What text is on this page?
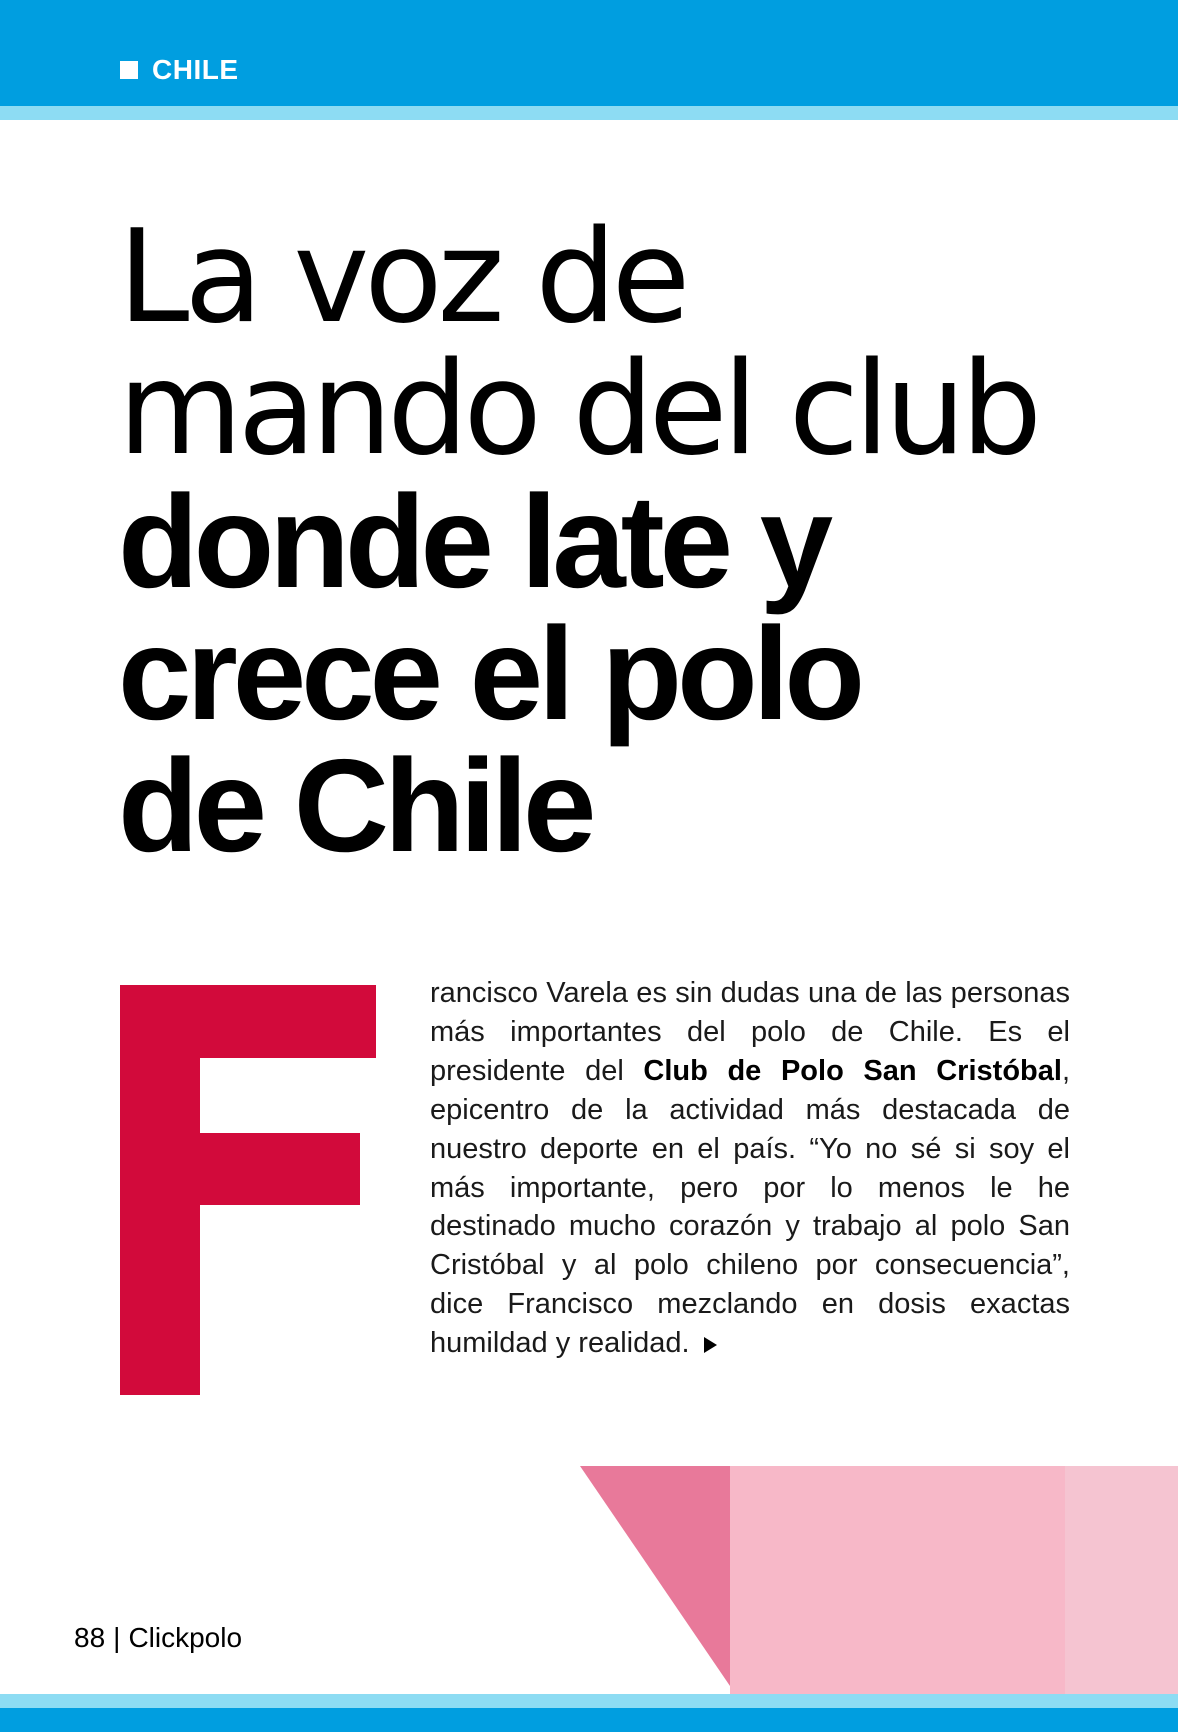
CHILE
La voz de
mando del club
donde late y
crece el polo
de Chile

rancisco Varela es sin dudas una de las personas más importantes del polo de Chile. Es el presidente del Club de Polo San Cristóbal, epicentro de la actividad más destacada de nuestro deporte en el país. “Yo no sé si soy el más importante, pero por lo menos le he destinado mucho corazón y trabajo al polo San Cristóbal y al polo chileno por consecuencia”, dice Francisco mezclando en dosis exactas humildad y realidad.

88 | Clickpolo
